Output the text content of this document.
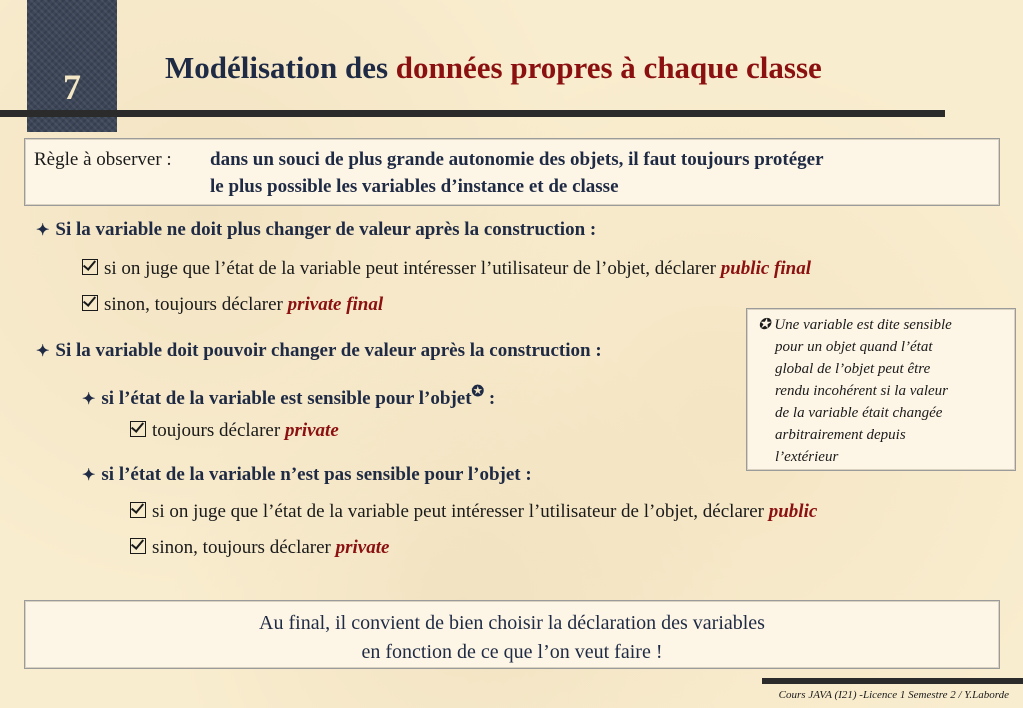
7	Modélisation des données propres à chaque classe
Règle à observer : dans un souci de plus grande autonomie des objets, il faut toujours protéger
le plus possible les variables d’instance et de classe
✦ Si la variable ne doit plus changer de valeur après la construction :
si on juge que l’état de la variable peut intéresser l’utilisateur de l’objet, déclarer public final
sinon, toujours déclarer private final
✦ Si la variable doit pouvoir changer de valeur après la construction :
✦ si l’état de la variable est sensible pour l’objet✪ :
toujours déclarer private
✦ si l’état de la variable n’est pas sensible pour l’objet :
si on juge que l’état de la variable peut intéresser l’utilisateur de l’objet, déclarer public
sinon, toujours déclarer private
✪ Une variable est dite sensible
pour un objet quand l’état
global de l’objet peut être
rendu incohérent si la valeur
de la variable était changée
arbitrairement depuis
l’extérieur
Au final, il convient de bien choisir la déclaration des variables
en fonction de ce que l’on veut faire !
Cours JAVA (I21) -Licence 1 Semestre 2 / Y.Laborde
